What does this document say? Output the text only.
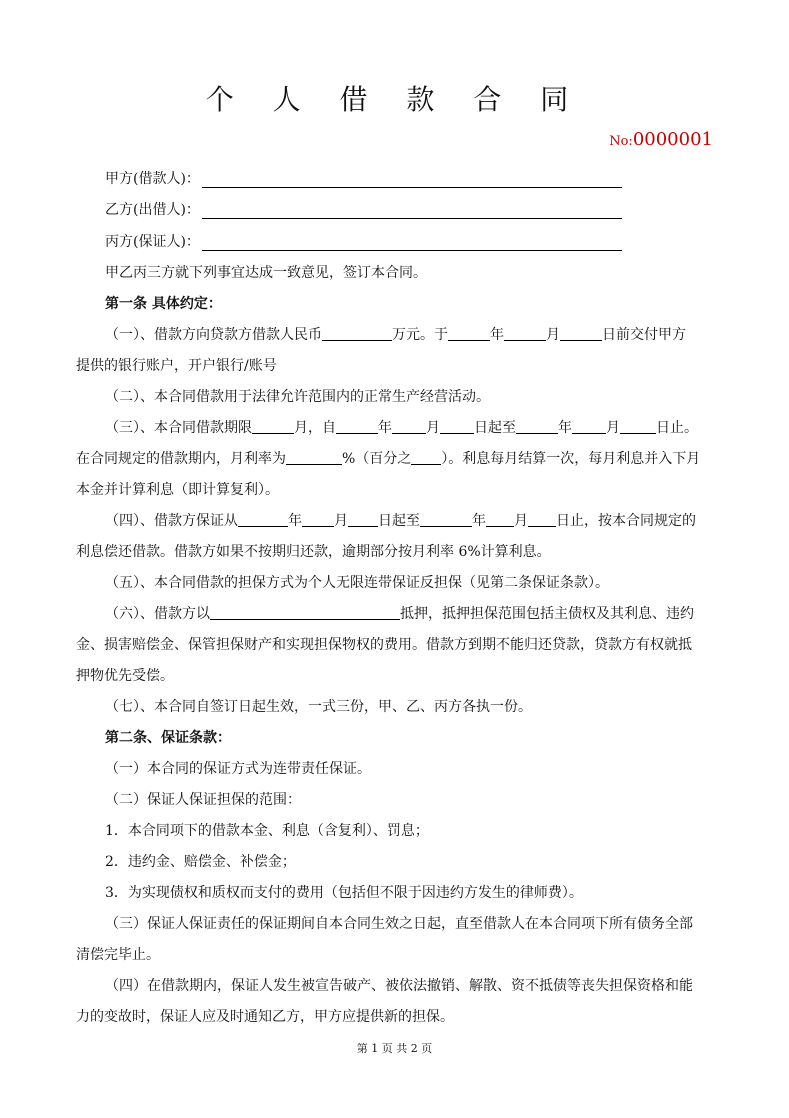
个 人 借 款 合 同
No:0000001
甲方(借款人)：
乙方(出借人)：
丙方(保证人)：
甲乙丙三方就下列事宜达成一致意见，签订本合同。
第一条 具体约定：
（一）、借款方向贷款方借款人民币	万元。于	年	月	日前交付甲方
提供的银行账户，开户银行/账号
（二）、本合同借款用于法律允许范围内的正常生产经营活动。
（三）、本合同借款期限	月，自	年 月 日起至	年 月	日止。
在合同规定的借款期内，月利率为	%（百分之 ）。利息每月结算一次，每月利息并入下月
本金并计算利息（即计算复利）。
（四）、借款方保证从	年 月 日起至	年 月 日止，按本合同规定的
利息偿还借款。借款方如果不按期归还款，逾期部分按月利率 6%计算利息。
（五）、本合同借款的担保方式为个人无限连带保证反担保（见第二条保证条款）。
（六）、借款方以	抵押，抵押担保范围包括主债权及其利息、违约
金、损害赔偿金、保管担保财产和实现担保物权的费用。借款方到期不能归还贷款，贷款方有权就抵
押物优先受偿。
（七）、本合同自签订日起生效，一式三份，甲、乙、丙方各执一份。
第二条、保证条款：
（一）本合同的保证方式为连带责任保证。
（二）保证人保证担保的范围：
1．本合同项下的借款本金、利息（含复利）、罚息；
2．违约金、赔偿金、补偿金；
3．为实现债权和质权而支付的费用（包括但不限于因违约方发生的律师费）。
（三）保证人保证责任的保证期间自本合同生效之日起，直至借款人在本合同项下所有债务全部
清偿完毕止。
（四）在借款期内，保证人发生被宣告破产、被依法撤销、解散、资不抵债等丧失担保资格和能
力的变故时，保证人应及时通知乙方，甲方应提供新的担保。
第 1 页 共 2 页
